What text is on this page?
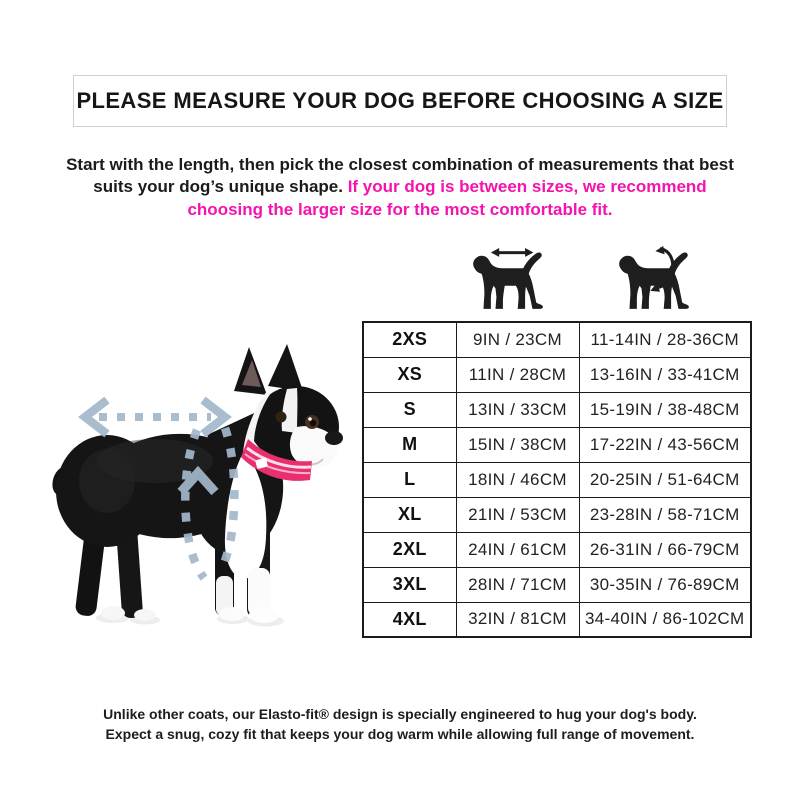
PLEASE MEASURE YOUR DOG BEFORE CHOOSING A SIZE

Start with the length, then pick the closest combination of measurements that best suits your dog’s unique shape. If your dog is between sizes, we recommend choosing the larger size for the most comfortable fit.

2XS	9IN / 23CM	11-14IN / 28-36CM
XS	11IN / 28CM	13-16IN / 33-41CM
S	13IN / 33CM	15-19IN / 38-48CM
M	15IN / 38CM	17-22IN / 43-56CM
L	18IN / 46CM	20-25IN / 51-64CM
XL	21IN / 53CM	23-28IN / 58-71CM
2XL	24IN / 61CM	26-31IN / 66-79CM
3XL	28IN / 71CM	30-35IN / 76-89CM
4XL	32IN / 81CM	34-40IN / 86-102CM
Unlike other coats, our Elasto-fit® design is specially engineered to hug your dog's body.
Expect a snug, cozy fit that keeps your dog warm while allowing full range of movement.
